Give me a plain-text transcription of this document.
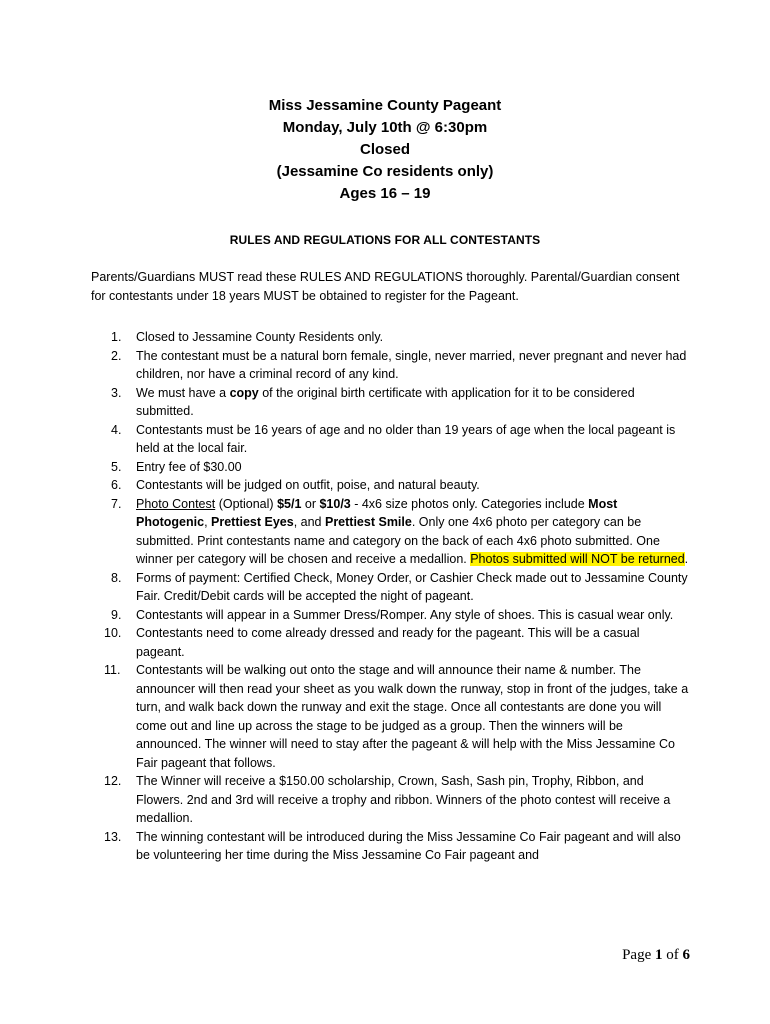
Miss Jessamine County Pageant
Monday, July 10th @ 6:30pm
Closed
(Jessamine Co residents only)
Ages 16 – 19
RULES AND REGULATIONS FOR ALL CONTESTANTS
Parents/Guardians MUST read these RULES AND REGULATIONS thoroughly. Parental/Guardian consent for contestants under 18 years MUST be obtained to register for the Pageant.
1.	Closed to Jessamine County Residents only.
2.	The contestant must be a natural born female, single, never married, never pregnant and never had children, nor have a criminal record of any kind.
3.	We must have a copy of the original birth certificate with application for it to be considered submitted.
4.	Contestants must be 16 years of age and no older than 19 years of age when the local pageant is held at the local fair.
5.	Entry fee of $30.00
6.	Contestants will be judged on outfit, poise, and natural beauty.
7.	Photo Contest (Optional) $5/1 or $10/3 - 4x6 size photos only. Categories include Most Photogenic, Prettiest Eyes, and Prettiest Smile. Only one 4x6 photo per category can be submitted. Print contestants name and category on the back of each 4x6 photo submitted. One winner per category will be chosen and receive a medallion. Photos submitted will NOT be returned.
8.	Forms of payment: Certified Check, Money Order, or Cashier Check made out to Jessamine County Fair. Credit/Debit cards will be accepted the night of pageant.
9.	Contestants will appear in a Summer Dress/Romper. Any style of shoes. This is casual wear only.
10.	Contestants need to come already dressed and ready for the pageant. This will be a casual pageant.
11.	Contestants will be walking out onto the stage and will announce their name & number. The announcer will then read your sheet as you walk down the runway, stop in front of the judges, take a turn, and walk back down the runway and exit the stage. Once all contestants are done you will come out and line up across the stage to be judged as a group. Then the winners will be announced. The winner will need to stay after the pageant & will help with the Miss Jessamine Co Fair pageant that follows.
12.	The Winner will receive a $150.00 scholarship, Crown, Sash, Sash pin, Trophy, Ribbon, and Flowers. 2nd and 3rd will receive a trophy and ribbon. Winners of the photo contest will receive a medallion.
13.	The winning contestant will be introduced during the Miss Jessamine Co Fair pageant and will also be volunteering her time during the Miss Jessamine Co Fair pageant and
Page 1 of 6
